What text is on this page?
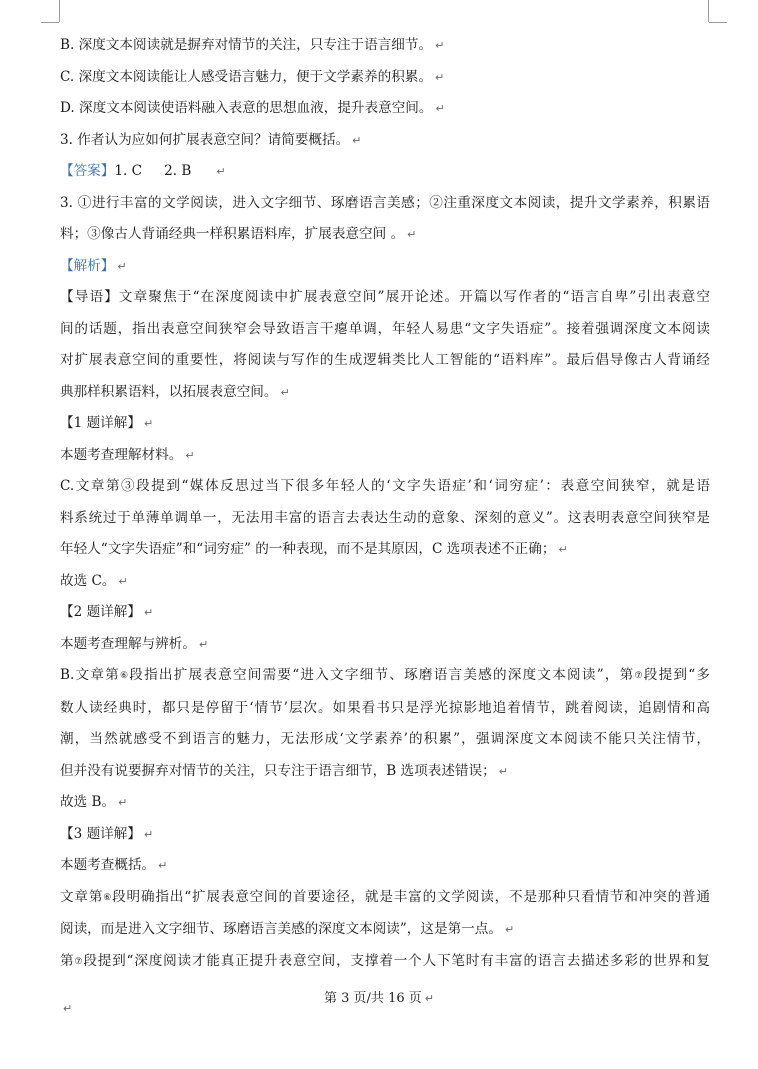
B. 深度文本阅读就是摒弃对情节的关注，只专注于语言细节。 ↵
C. 深度文本阅读能让人感受语言魅力，便于文学素养的积累。 ↵
D. 深度文本阅读使语料融入表意的思想血液，提升表意空间。 ↵
3. 作者认为应如何扩展表意空间？请简要概括。 ↵
【答案】1. C 2. B ↵
3. ①进行丰富的文学阅读，进入文字细节、琢磨语言美感；②注重深度文本阅读，提升文学素养，积累语
料；③像古人背诵经典一样积累语料库，扩展表意空间 。 ↵
【解析】 ↵
【导语】文章聚焦于“在深度阅读中扩展表意空间”展开论述。开篇以写作者的“语言自卑”引出表意空
间的话题，指出表意空间狭窄会导致语言干瘪单调，年轻人易患“文字失语症”。接着强调深度文本阅读
对扩展表意空间的重要性，将阅读与写作的生成逻辑类比人工智能的“语料库”。最后倡导像古人背诵经
典那样积累语料，以拓展表意空间。 ↵
【1 题详解】 ↵
本题考查理解材料。 ↵
C.文章第③段提到“媒体反思过当下很多年轻人的‘文字失语症’和‘词穷症’：表意空间狭窄，就是语
料系统过于单薄单调单一，无法用丰富的语言去表达生动的意象、深刻的意义”。这表明表意空间狭窄是
年轻人“文字失语症”和“词穷症” 的一种表现，而不是其原因，C 选项表述不正确； ↵
故选 C。 ↵
【2 题详解】 ↵
本题考查理解与辨析。 ↵
B.文章第⑥段指出扩展表意空间需要“进入文字细节、琢磨语言美感的深度文本阅读”，第⑦段提到“多
数人读经典时，都只是停留于‘情节’层次。如果看书只是浮光掠影地追着情节，跳着阅读，追剧情和高
潮，当然就感受不到语言的魅力，无法形成‘文学素养’的积累”，强调深度文本阅读不能只关注情节，
但并没有说要摒弃对情节的关注，只专注于语言细节，B 选项表述错误； ↵
故选 B。 ↵
【3 题详解】 ↵
本题考查概括。 ↵
文章第⑥段明确指出“扩展表意空间的首要途径，就是丰富的文学阅读，不是那种只看情节和冲突的普通
阅读，而是进入文字细节、琢磨语言美感的深度文本阅读”，这是第一点。 ↵
第⑦段提到“深度阅读才能真正提升表意空间，支撑着一个人下笔时有丰富的语言去描述多彩的世界和复
第 3 页/共 16 页 ↵
↵
